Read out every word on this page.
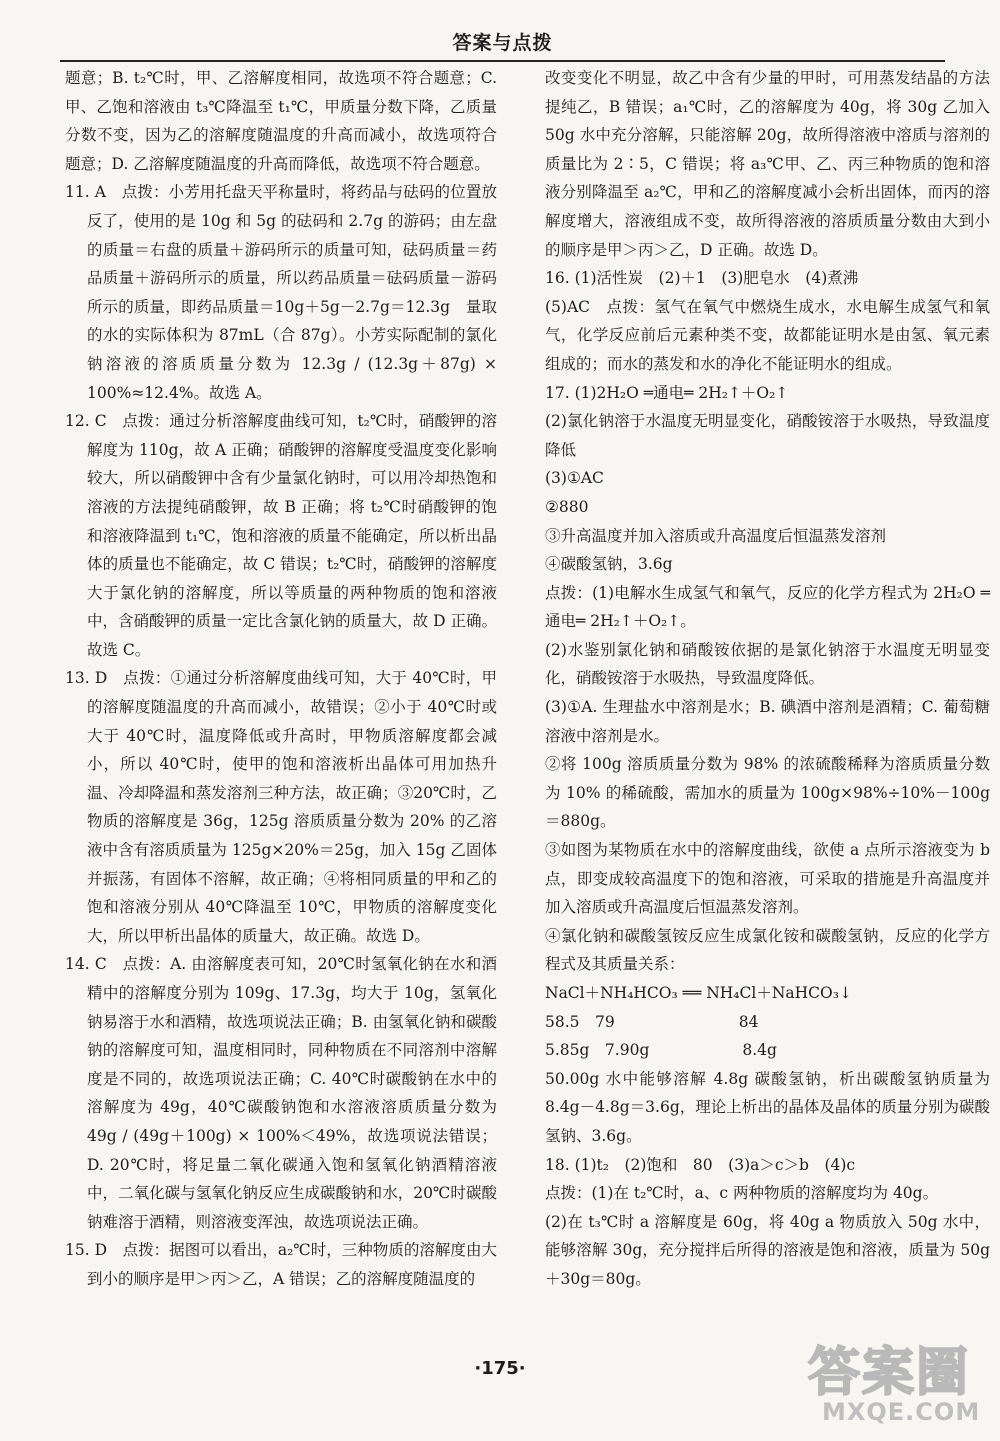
答案与点拨

题意；B. t₂℃时，甲、乙溶解度相同，故选项不符合题意；C. 甲、乙饱和溶液由 t₃℃降温至 t₁℃，甲质量分数下降，乙质量分数不变，因为乙的溶解度随温度的升高而减小，故选项符合题意；D. 乙溶解度随温度的升高而降低，故选项不符合题意。

11. A　点拨：小芳用托盘天平称量时，将药品与砝码的位置放反了，使用的是 10g 和 5g 的砝码和 2.7g 的游码；由左盘的质量＝右盘的质量＋游码所示的质量可知，砝码质量＝药品质量＋游码所示的质量，所以药品质量＝砝码质量－游码所示的质量，即药品质量＝10g＋5g－2.7g＝12.3g　量取的水的实际体积为 87mL（合 87g）。小芳实际配制的氯化钠溶液的溶质质量分数为 12.3g / (12.3g＋87g) × 100%≈12.4%。故选 A。

12. C　点拨：通过分析溶解度曲线可知，t₂℃时，硝酸钾的溶解度为 110g，故 A 正确；硝酸钾的溶解度受温度变化影响较大，所以硝酸钾中含有少量氯化钠时，可以用冷却热饱和溶液的方法提纯硝酸钾，故 B 正确；将 t₂℃时硝酸钾的饱和溶液降温到 t₁℃，饱和溶液的质量不能确定，所以析出晶体的质量也不能确定，故 C 错误；t₂℃时，硝酸钾的溶解度大于氯化钠的溶解度，所以等质量的两种物质的饱和溶液中，含硝酸钾的质量一定比含氯化钠的质量大，故 D 正确。故选 C。

13. D　点拨：①通过分析溶解度曲线可知，大于 40℃时，甲的溶解度随温度的升高而减小，故错误；②小于 40℃时或大于 40℃时，温度降低或升高时，甲物质溶解度都会减小，所以 40℃时，使甲的饱和溶液析出晶体可用加热升温、冷却降温和蒸发溶剂三种方法，故正确；③20℃时，乙物质的溶解度是 36g，125g 溶质质量分数为 20% 的乙溶液中含有溶质质量为 125g×20%＝25g，加入 15g 乙固体并振荡，有固体不溶解，故正确；④将相同质量的甲和乙的饱和溶液分别从 40℃降温至 10℃，甲物质的溶解度变化大，所以甲析出晶体的质量大，故正确。故选 D。

14. C　点拨：A. 由溶解度表可知，20℃时氢氧化钠在水和酒精中的溶解度分别为 109g、17.3g，均大于 10g，氢氧化钠易溶于水和酒精，故选项说法正确；B. 由氢氧化钠和碳酸钠的溶解度可知，温度相同时，同种物质在不同溶剂中溶解度是不同的，故选项说法正确；C. 40℃时碳酸钠在水中的溶解度为 49g，40℃碳酸钠饱和水溶液溶质质量分数为 49g / (49g＋100g) × 100%＜49%，故选项说法错误；D. 20℃时，将足量二氧化碳通入饱和氢氧化钠酒精溶液中，二氧化碳与氢氧化钠反应生成碳酸钠和水，20℃时碳酸钠难溶于酒精，则溶液变浑浊，故选项说法正确。

15. D　点拨：据图可以看出，a₂℃时，三种物质的溶解度由大到小的顺序是甲＞丙＞乙，A 错误；乙的溶解度随温度的

改变变化不明显，故乙中含有少量的甲时，可用蒸发结晶的方法提纯乙，B 错误；a₁℃时，乙的溶解度为 40g，将 30g 乙加入 50g 水中充分溶解，只能溶解 20g，故所得溶液中溶质与溶剂的质量比为 2∶5，C 错误；将 a₃℃甲、乙、丙三种物质的饱和溶液分别降温至 a₂℃，甲和乙的溶解度减小会析出固体，而丙的溶解度增大，溶液组成不变，故所得溶液的溶质质量分数由大到小的顺序是甲＞丙＞乙，D 正确。故选 D。

16. (1)活性炭　(2)＋1　(3)肥皂水　(4)煮沸

(5)AC　点拨：氢气在氧气中燃烧生成水，水电解生成氢气和氧气，化学反应前后元素种类不变，故都能证明水是由氢、氧元素组成的；而水的蒸发和水的净化不能证明水的组成。

17. (1)2H₂O ═通电═ 2H₂↑＋O₂↑

(2)氯化钠溶于水温度无明显变化，硝酸铵溶于水吸热，导致温度降低

(3)①AC

②880

③升高温度并加入溶质或升高温度后恒温蒸发溶剂

④碳酸氢钠，3.6g

点拨：(1)电解水生成氢气和氧气，反应的化学方程式为 2H₂O ═通电═ 2H₂↑＋O₂↑。

(2)水鉴别氯化钠和硝酸铵依据的是氯化钠溶于水温度无明显变化，硝酸铵溶于水吸热，导致温度降低。

(3)①A. 生理盐水中溶剂是水；B. 碘酒中溶剂是酒精；C. 葡萄糖溶液中溶剂是水。

②将 100g 溶质质量分数为 98% 的浓硫酸稀释为溶质质量分数为 10% 的稀硫酸，需加水的质量为 100g×98%÷10%－100g＝880g。

③如图为某物质在水中的溶解度曲线，欲使 a 点所示溶液变为 b 点，即变成较高温度下的饱和溶液，可采取的措施是升高温度并加入溶质或升高温度后恒温蒸发溶剂。

④氯化钠和碳酸氢铵反应生成氯化铵和碳酸氢钠，反应的化学方程式及其质量关系：

NaCl＋NH₄HCO₃ ══ NH₄Cl＋NaHCO₃↓

58.5　79　　　　　　　　84

5.85g　7.90g　　　　　　8.4g

50.00g 水中能够溶解 4.8g 碳酸氢钠，析出碳酸氢钠质量为 8.4g－4.8g＝3.6g，理论上析出的晶体及晶体的质量分别为碳酸氢钠、3.6g。

18. (1)t₂　(2)饱和　80　(3)a＞c＞b　(4)c

点拨：(1)在 t₂℃时，a、c 两种物质的溶解度均为 40g。

(2)在 t₃℃时 a 溶解度是 60g，将 40g a 物质放入 50g 水中，能够溶解 30g，充分搅拌后所得的溶液是饱和溶液，质量为 50g＋30g＝80g。

·175·	答案圈
MXQE.COM
